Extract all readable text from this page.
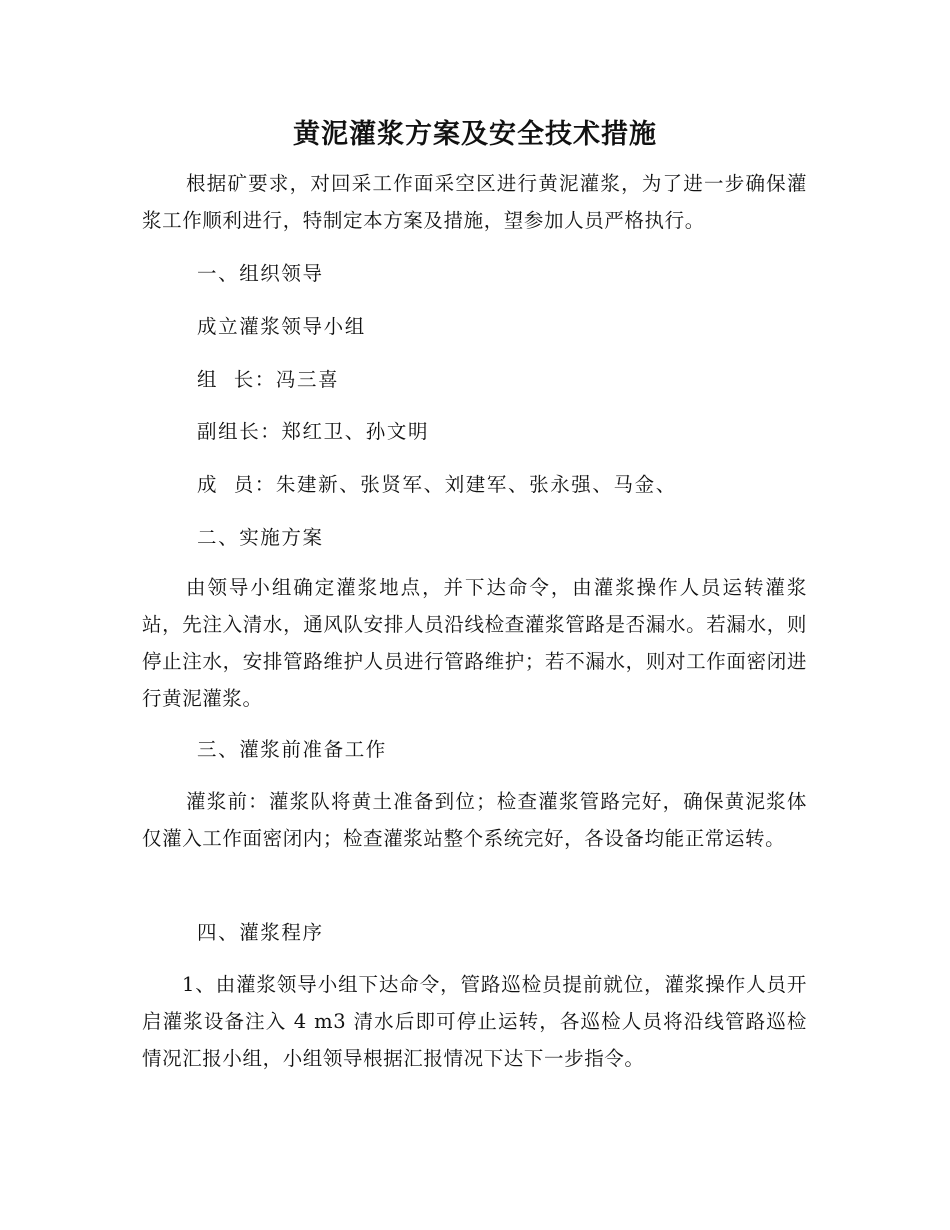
黄泥灌浆方案及安全技术措施

根据矿要求，对回采工作面采空区进行黄泥灌浆，为了进一步确保灌浆工作顺利进行，特制定本方案及措施，望参加人员严格执行。

一、组织领导

成立灌浆领导小组

组  长：冯三喜

副组长：郑红卫、孙文明

成  员：朱建新、张贤军、刘建军、张永强、马金、

二、实施方案

由领导小组确定灌浆地点，并下达命令，由灌浆操作人员运转灌浆站，先注入清水，通风队安排人员沿线检查灌浆管路是否漏水。若漏水，则停止注水，安排管路维护人员进行管路维护；若不漏水，则对工作面密闭进行黄泥灌浆。

三、灌浆前准备工作

灌浆前：灌浆队将黄土准备到位；检查灌浆管路完好，确保黄泥浆体仅灌入工作面密闭内；检查灌浆站整个系统完好，各设备均能正常运转。

四、灌浆程序

1、由灌浆领导小组下达命令，管路巡检员提前就位，灌浆操作人员开启灌浆设备注入 4 m3 清水后即可停止运转，各巡检人员将沿线管路巡检情况汇报小组，小组领导根据汇报情况下达下一步指令。
